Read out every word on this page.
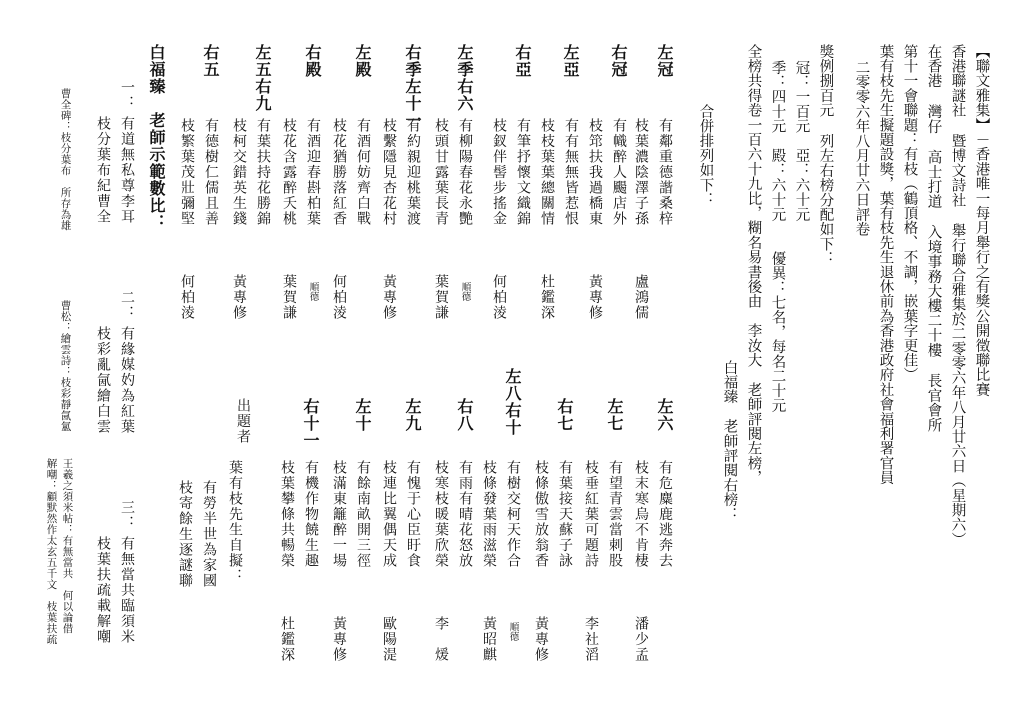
【聯文雅集】－香港唯一每月舉行之有獎公開徵聯比賽
香港聯謎社 暨博文詩社 舉行聯合雅集於二零零六年八月廿六日（星期六）
在香港 灣仔 高士打道 入境事務大樓二十樓 長官會所
第十一會聯題：有枝（鶴頂格、不調，嵌葉字更佳）
葉有枝先生擬題設獎，葉有枝先生退休前為香港政府社會福利署官員
二零零六年八月廿六日評卷
獎例捌百元 列左右榜分配如下：
冠：一百元　亞：六十元
季：四十元　殿：六十元　　優異：七名，每名二十元
全榜共得卷一百六十九比，糊名易書後由　李汝大　老師評閱左榜，
白福臻　老師評閱右榜：
合併排列如下：
左冠
有鄰重德諧桑梓
枝葉濃陰澤子孫
盧鴻儒
右冠
有幟醉人颺店外
枝筇扶我過橋東
黃專修
左亞
有有無無皆惹恨
枝枝葉葉總關情
杜鑑深
右亞
有筆抒懷文織錦
枝釵伴髻步搖金
何柏淩
左季右六
有柳陽春花永艷
枝頭甘露葉長青
順德
葉賀謙
右季左十一
有約親迎桃葉渡
枝繫隱見杏花村
黃專修
左殿
有酒何妨齊白戰
枝花猶勝落紅香
何柏淩
右殿
有酒迎春斟柏葉
枝花含露醉夭桃
順德
葉賀謙
左五右九
有葉扶持花勝錦
枝柯交錯英生錢
黃專修
右五
有德樹仁儒且善
枝繁葉茂壯彌堅
何柏淩
左六
有危麋鹿逃奔去
枝末寒烏不肯棲
潘少孟
左七
有望青雲當刺股
枝垂紅葉可題詩
李社滔
右七
有葉接天蘇子詠
枝條傲雪放翁香
黃專修
左八右十
有樹交柯天作合
枝條發葉雨滋榮
順德
黃昭麒
右八
有雨有晴花怒放
枝寒枝暖葉欣榮
李　煖
左九
有愧于心臣盱食
枝連比翼偶天成
歐陽湜
左十
有餘南畝開三徑
枝滿東籬醉一場
黃專修
右十一
有機作物饒生趣
枝葉攀條共暢榮
杜鑑深
出題者
葉有枝先生自擬：
有勞半世為家國
枝寄餘生逐謎聯
白福臻　老師示範數比：
一：
有道無私尊李耳
枝分葉布紀曹全
二：
有緣媒妁為紅葉
枝彩亂氤繪白雲
三：
有無當共臨須米
枝葉扶疏載解嘲
曹全碑：枝分葉布　所存為雄
曹松：繪雲詩：枝彩靜氤氳
王羲之須米帖：有無當共　何以論借
解嘲：顧默然作太玄五千文　枝葉扶疏
